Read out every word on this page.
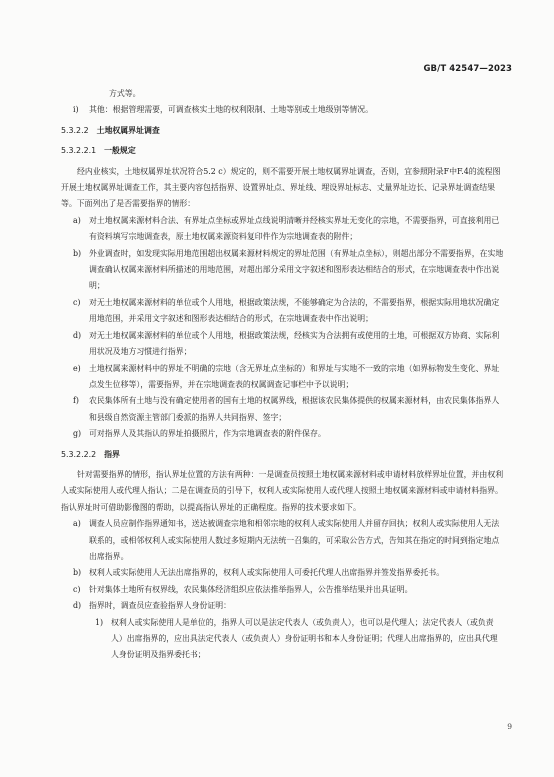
GB/T 42547—2023

方式等。

i)	其他：根据管理需要，可调查核实土地的权利限制、土地等别或土地级别等情况。

5.3.2.2 土地权属界址调查

5.3.2.2.1 一般规定

经内业核实，土地权属界址状况符合5.2 c）规定的，则不需要开展土地权属界址调查，否则，宜参照附录F中F.4的流程图开展土地权属界址调查工作，其主要内容包括指界、设置界址点、界址线、埋设界址标志、丈量界址边长、记录界址调查结果等。下面列出了是否需要指界的情形：

a)	对土地权属来源材料合法、有界址点坐标或界址点线说明清晰并经核实界址无变化的宗地，不需要指界，可直接利用已有资料填写宗地调查表，原土地权属来源资料复印件作为宗地调查表的附件；
b) 外业调查时，如发现实际用地范围超出权属来源材料规定的界址范围（有界址点坐标），则超出部分不需要指界，在实地调查确认权属来源材料所描述的用地范围，对超出部分采用文字叙述和图形表达相结合的形式，在宗地调查表中作出说明；
c)	对无土地权属来源材料的单位或个人用地，根据政策法规，不能够确定为合法的，不需要指界，根据实际用地状况确定用地范围，并采用文字叙述和图形表达相结合的形式，在宗地调查表中作出说明；
d) 对无土地权属来源材料的单位或个人用地，根据政策法规，经核实为合法拥有或使用的土地，可根据双方协商、实际利用状况及地方习惯进行指界；
e)	土地权属来源材料中的界址不明确的宗地（含无界址点坐标的）和界址与实地不一致的宗地（如界标物发生变化、界址点发生位移等），需要指界，并在宗地调查表的权属调查记事栏中予以说明；
f)	农民集体所有土地与没有确定使用者的国有土地的权属界线，根据该农民集体提供的权属来源材料，由农民集体指界人和县级自然资源主管部门委派的指界人共同指界、签字；
g) 可对指界人及其指认的界址拍摄照片，作为宗地调查表的附件保存。

5.3.2.2.2 指界

针对需要指界的情形，指认界址位置的方法有两种：一是调查员按照土地权属来源材料或申请材料放样界址位置，并由权利人或实际使用人或代理人指认；二是在调查员的引导下，权利人或实际使用人或代理人按照土地权属来源材料或申请材料指界。指认界址时可借助影像图的帮助，以提高指认界址的正确程度。指界的技术要求如下。

a)	调查人员应制作指界通知书，送达被调查宗地和相邻宗地的权利人或实际使用人并留存回执；权利人或实际使用人无法联系的，或相邻权利人或实际使用人数过多短期内无法统一召集的，可采取公告方式，告知其在指定的时间到指定地点出席指界。
b) 权利人或实际使用人无法出席指界的，权利人或实际使用人可委托代理人出席指界并签发指界委托书。
c)	针对集体土地所有权界线，农民集体经济组织应依法推举指界人，公告推举结果并出具证明。
d) 指界时，调查员应查验指界人身份证明：
1) 权利人或实际使用人是单位的，指界人可以是法定代表人（或负责人），也可以是代理人；法定代表人（或负责人）出席指界的，应出具法定代表人（或负责人）身份证明书和本人身份证明；代理人出席指界的，应出具代理人身份证明及指界委托书；
9
